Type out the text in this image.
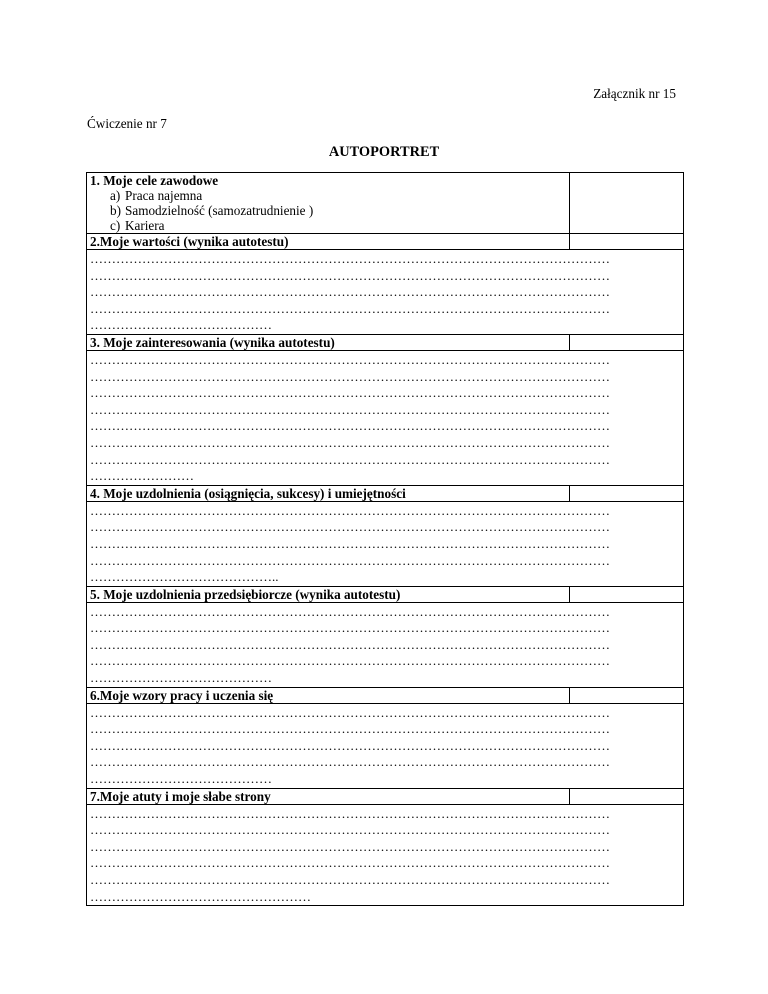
Załącznik nr 15
Ćwiczenie nr 7
AUTOPORTRET
1. Moje cele zawodowe
a) Praca najemna
b) Samodzielność (samozatrudnienie )
c) Kariera
2.Moje wartości (wynika autotestu)
…………………………………………………………………………………………………………
…………………………………………………………………………………………………………
…………………………………………………………………………………………………………
…………………………………………………………………………………………………………
……………………………………
3. Moje zainteresowania (wynika autotestu)
…………………………………………………………………………………………………………
…………………………………………………………………………………………………………
…………………………………………………………………………………………………………
…………………………………………………………………………………………………………
…………………………………………………………………………………………………………
…………………………………………………………………………………………………………
…………………………………………………………………………………………………………
……………………
4. Moje uzdolnienia (osiągnięcia, sukcesy) i umiejętności
…………………………………………………………………………………………………………
…………………………………………………………………………………………………………
…………………………………………………………………………………………………………
…………………………………………………………………………………………………………
……………………………………..
5. Moje uzdolnienia przedsiębiorcze (wynika autotestu)
…………………………………………………………………………………………………………
…………………………………………………………………………………………………………
…………………………………………………………………………………………………………
…………………………………………………………………………………………………………
……………………………………
6.Moje wzory pracy i uczenia się
…………………………………………………………………………………………………………
…………………………………………………………………………………………………………
…………………………………………………………………………………………………………
…………………………………………………………………………………………………………
……………………………………
7.Moje atuty i moje słabe strony
…………………………………………………………………………………………………………
…………………………………………………………………………………………………………
…………………………………………………………………………………………………………
…………………………………………………………………………………………………………
…………………………………………………………………………………………………………
……………………………………………
